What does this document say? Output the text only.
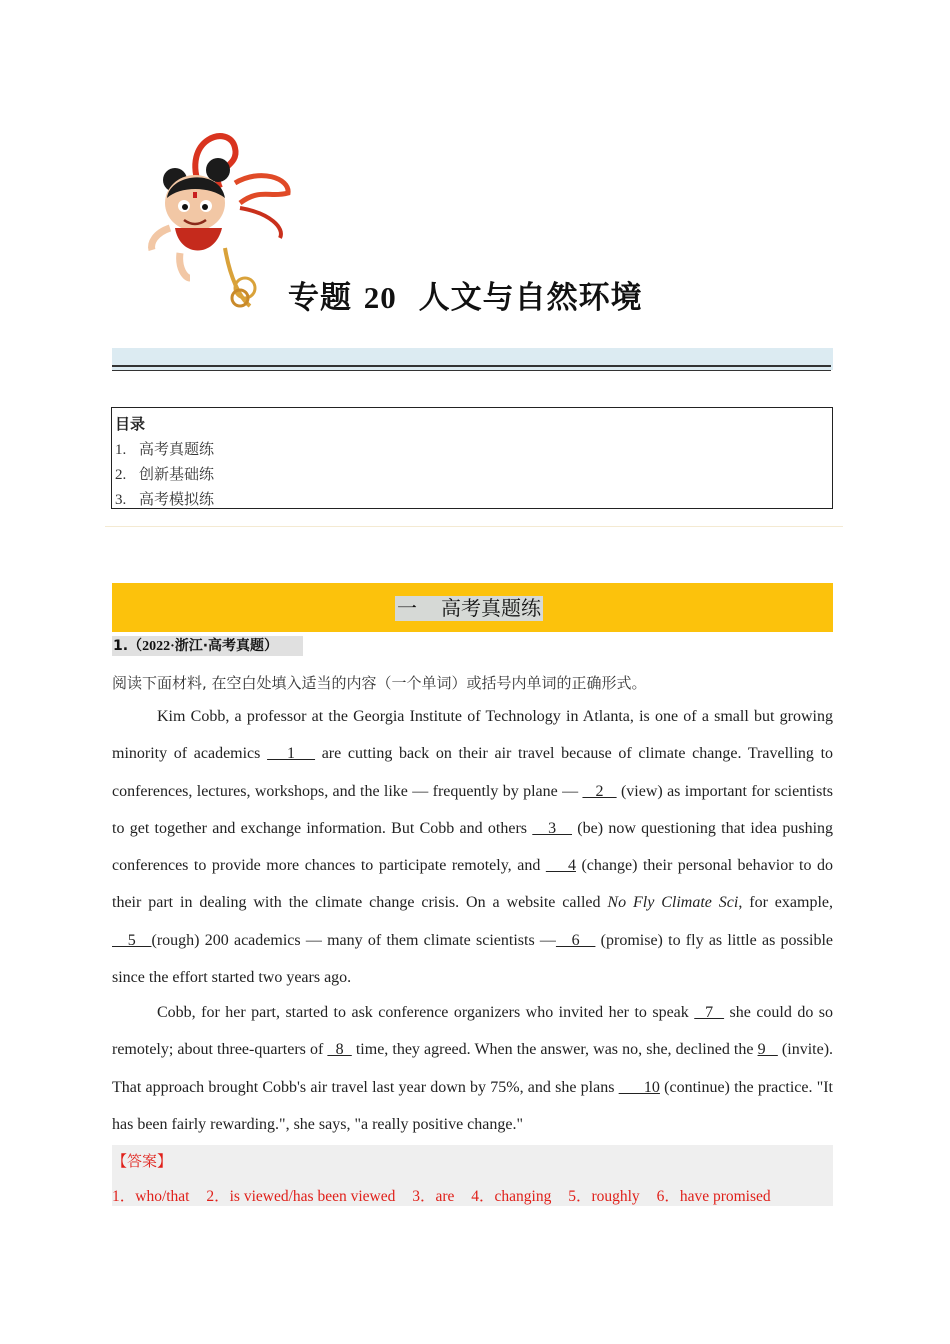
专题 20 人文与自然环境
目录
1. 高考真题练
2. 创新基础练
3. 高考模拟练
一 高考真题练
1.（2022·浙江·高考真题）
阅读下面材料, 在空白处填入适当的内容（一个单词）或括号内单词的正确形式。
Kim Cobb, a professor at the Georgia Institute of Technology in Atlanta, is one of a small but growing minority of academics    1    are cutting back on their air travel because of climate change. Travelling to conferences, lectures, workshops, and the like — frequently by plane —    2    (view) as important for scientists to get together and exchange information. But Cobb and others    3    (be) now questioning that idea pushing conferences to provide more chances to participate remotely, and     4 (change) their personal behavior to do their part in dealing with the climate change crisis. On a website called No Fly Climate Sci, for example,    5   (rough) 200 academics — many of them climate scientists —   6    (promise) to fly as little as possible since the effort started two years ago.
Cobb, for her part, started to ask conference organizers who invited her to speak   7   she could do so remotely; about three-quarters of   8   time, they agreed. When the answer, was no, she, declined the 9    (invite). That approach brought Cobb's air travel last year down by 75%, and she plans       10 (continue) the practice. "It has been fairly rewarding.", she says, "a really positive change."
【答案】
1．who/that 2．is viewed/has been viewed 3．are 4．changing 5．roughly 6．have promised
